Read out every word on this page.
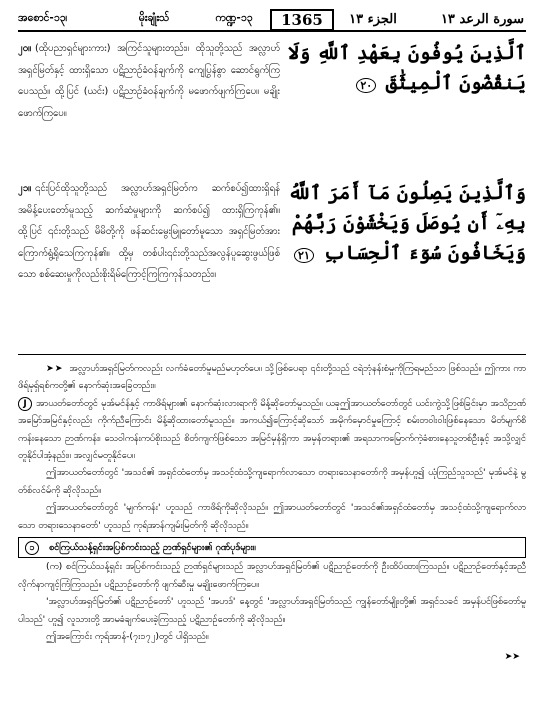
အစောင်-၁၃၊	မိုးချုံးသ်	ကဏ္ဍ-၁၃	1365	الجزء ١٣	سورة الرعد ١٣
၂၀။ (ထိုပညာရှင်များကား) အကြင်သူများတည်း။ ထိုသူတို့သည် အလ္လာဟ်အရှင်မြတ်နှင့် ထားရှိသော ပဋိညာဉ်ခံဝန်ချက်ကို ကျေပြွန်စွာ ဆောင်ရွက်ကြ ပေသည်။ ထို့ပြင် (ယင်း) ပဋိညာဉ်ခံဝန်ချက်ကို မဖောက်ဖျက်ကြပေ။ မချိုးဖောက်ကြပေ။
ٱلَّذِينَ يُوفُونَ بِعَهْدِ ٱللَّهِ وَلَا يَنقُضُونَ ٱلْمِيثَٰقَ ٢٠
၂၁။ ၎င်းပြင်ထိုသူတို့သည် အလ္လာဟ်အရှင်မြတ်က ဆက်စပ်၍ထားရှိရန် အမိန့်ပေးတော်မူသည့် ဆက်ဆံမှုများကို ဆက်စပ်၍ ထားရှိကြကုန်၏။ ထို့ပြင် ၎င်းတို့သည် မိမိတို့ကို ဖန်ဆင်းမွေးမြူတော်မူသော အရှင်မြတ်အား ကြောက်ရွံ့ရိုသေကြကုန်၏။ ထို့မှ တစ်ပါး၎င်းတို့သည်အလွန်ပူဆွေးဖွယ်ဖြစ်သော စစ်ဆေးမှုကိုလည်းစိုးရိမ်ကြောင့်ကြကြကုန်သတည်း။
وَٱلَّذِينَ يَصِلُونَ مَآ أَمَرَ ٱللَّهُ بِهِۦٓ أَن يُوصَلَ وَيَخْشَوْنَ رَبَّهُمْ وَيَخَافُونَ سُوٓءَ ٱلْحِسَابِ ٢١

➤➤ အလ္လာဟ်အရှင်မြတ်ကလည်း လက်ခံတော်မူမည်မဟုတ်ပေ။ သို့ဖြစ်ပေရာ ၎င်းတို့သည် ငရဲဘုံနန်းစံမှုကိုကြရမည်သာ ဖြစ်သည်။ ဤကား ကာဖိရ်မုရှ်ရစ်ကတို့၏ နောက်ဆုံးအခြေတည်း။

J အာယတ်တော်တွင် မုအ်မင်န်နှင့် ကာဖိရ်များ၏ နောက်ဆုံးလားရာကို မိန့်ဆိုတော်မူသည်။ ယခုဤအာယတ်တော်တွင် ယင်းကွဲသို့ဖြစ်ခြင်းမှာ အသိဉာဏ် အမြော်အမြင်နှင့်လည်း ကိုက်ညီကြောင်း မိန့်ဆိုထားတော်မူသည်။ အကယ်၍ကြောင့်ဆိုသော် အမိုက်မှောင်မှုကြောင့် စမ်းတဝါးဝါးဖြစ်နေသော မိတ်မျက်စိ ကန်းနေသော ဉာဏ်ကန်း၊ သေဝါကန်းကပ်စိုးသည် စိတ်ကျက်ဖြစ်သော အမြင်မှန်ရှိကာ အမှန်တရား၏ အရသာကမြောက်ကဲ့ခံစားနေသူတစ်ဦးနှင့် အသို့လျှင်တူနိုင်ပါအံ့နည်း။ အလျှင်မတူနိုင်ပေ။

ဤအာယတ်တော်တွင် 'အသင်၏ အရှင်ထံတော်မှ အသင့်ထံသို့ကျရောက်လာသော တရားသေနာတော်ကို အမှန်ဟူ၍ ယုံကြည်သူသည်' မုအ်မင်နဲ့ မွတ်စ်လင်မ်ကို ဆိုလိုသည်။

ဤအာယတ်တော်တွင် 'မျက်ကန်း' ဟူသည် ကာဖိရ်ကိုဆိုလိုသည်။ ဤအာယတ်တော်တွင် 'အသင်၏အရှင်ထံတော်မှ အသင့်ထံသို့ကျရောက်လာ သော တရားသေနာတော်' ဟူသည် ကုရ်အာန်ကျမ်းမြတ်ကို ဆိုလိုသည်။

၁ စင်ကြယ်သန့်ရှင်းအပြစ်ကင်းသည့် ဉာဏ်ရှင်များ၏ ဂုဏ်ပုဒ်များ။

(က) စင်ကြယ်သန့်ရှင်း အပြစ်ကင်းသည့် ဉာဏ်ရှင်များသည် အလ္လာဟ်အရှင်မြတ်၏ ပဋိညာဉ်တော်ကို ဦးထိပ်ထားကြသည်။ ပဋိညာဉ်တော်နှင့်အညီ လိုက်နာကျင့်ကြံကြသည်။ ပဋိညာဉ်တော်ကို ဖျက်ဆီးမှု မချိုးဖောက်ကြပေ။

'အလ္လာဟ်အရှင်မြတ်၏ ပဋိညာဉ်တော်' ဟူသည် 'အဟဒ်' နေ့တွင် 'အလ္လာဟ်အရှင်မြတ်သည် ကျွန်တော်မျိုးတို့၏ အရှင်သခင် အမှန်ပင်ဖြစ်တော်မူပါသည်' ဟူ၍ လူသားတို့ အာမခံချက်ပေးခဲ့ကြသည့် ပဋိညာဉ်တော်ကို ဆိုလိုသည်။

ဤအကြောင်း ကုရ်အာန်-(၇း၁၇၂)တွင် ပါရှိသည်။

➤➤
